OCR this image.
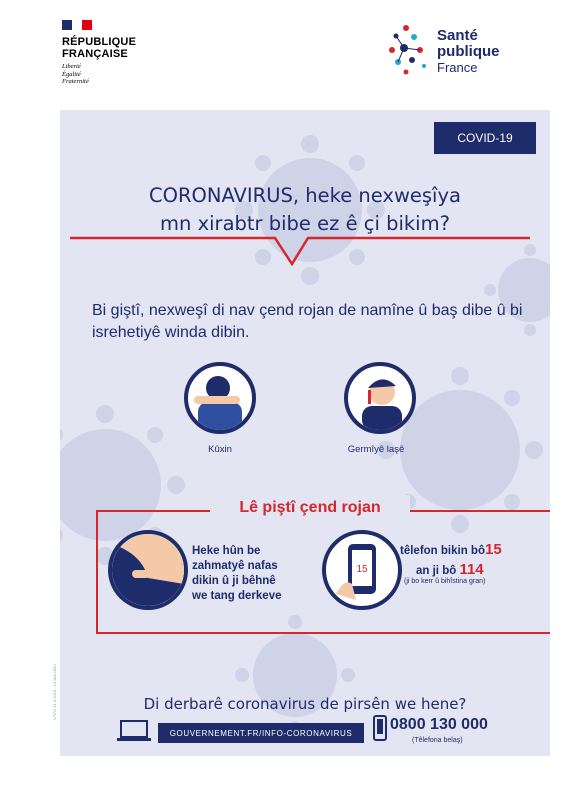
RÉPUBLIQUE
FRANÇAISE
Liberté
Égalité
Fraternité
Santé
publique
France
COVID-19
CORONAVIRUS, heke nexweşîya
mn xirabtr bibe ez ê çi bikim?
Bi giştî, nexweşî di nav çend rojan de namîne û baş dibe û bi isrehetiyê winda dibin.
Kûxin	Germîyê laşê
Lê piştî çend rojan
Heke hûn be
zahmatyê nafas
dikin û ji bêhnê
we tang derkeve
15
têlefon bikin bô15
an ji bô 114
(ji bo kerr û bihîstina gran)
Di derbarê coronavirus de pirsên we hene?
GOUVERNEMENT.FR/INFO-CORONAVIRUS	0800 130 000
(Têlefona belaş)
N°CVI 31.3.2020 - 13 Mai 2020
